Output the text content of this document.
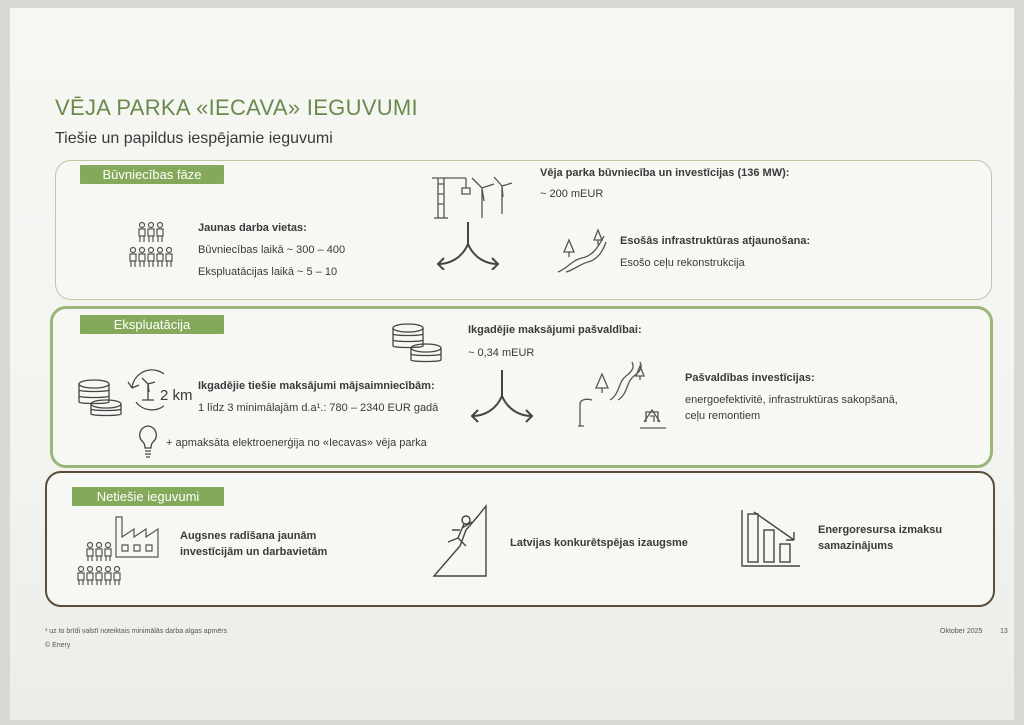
VĒJA PARKA «IECAVA» IEGUVUMI
Tiešie un papildus iespējamie ieguvumi
Būvniecības fāze
Jaunas darba vietas:
Būvniecības laikā ~ 300 – 400
Ekspluatācijas laikā ~ 5 – 10
Vēja parka būvniecība un investīcijas (136 MW):
~ 200 mEUR
Esošās infrastruktūras atjaunošana:
Esošo ceļu rekonstrukcija
Ekspluatācija	Ikgadējie maksājumi pašvaldībai:
~ 0,34 mEUR
2 km
Ikgadējie tiešie maksājumi mājsaimniecībām:
1 līdz 3 minimālajām d.a¹.: 780 – 2340 EUR gadā
+ apmaksāta elektroenerģija no «Iecavas» vēja parka
Pašvaldības investīcijas:
energoefektivitē, infrastruktūras sakopšanā,
ceļu remontiem
Netiešie ieguvumi
Augsnes radīšana jaunām
investīcijām un darbavietām
Latvijas konkurētspējas izaugsme
Energoresursa izmaksu
samazinājums
¹ uz to brīdi valstī noteiktais minimālās darba algas apmērs
© Enery
Oktober 2025	13
